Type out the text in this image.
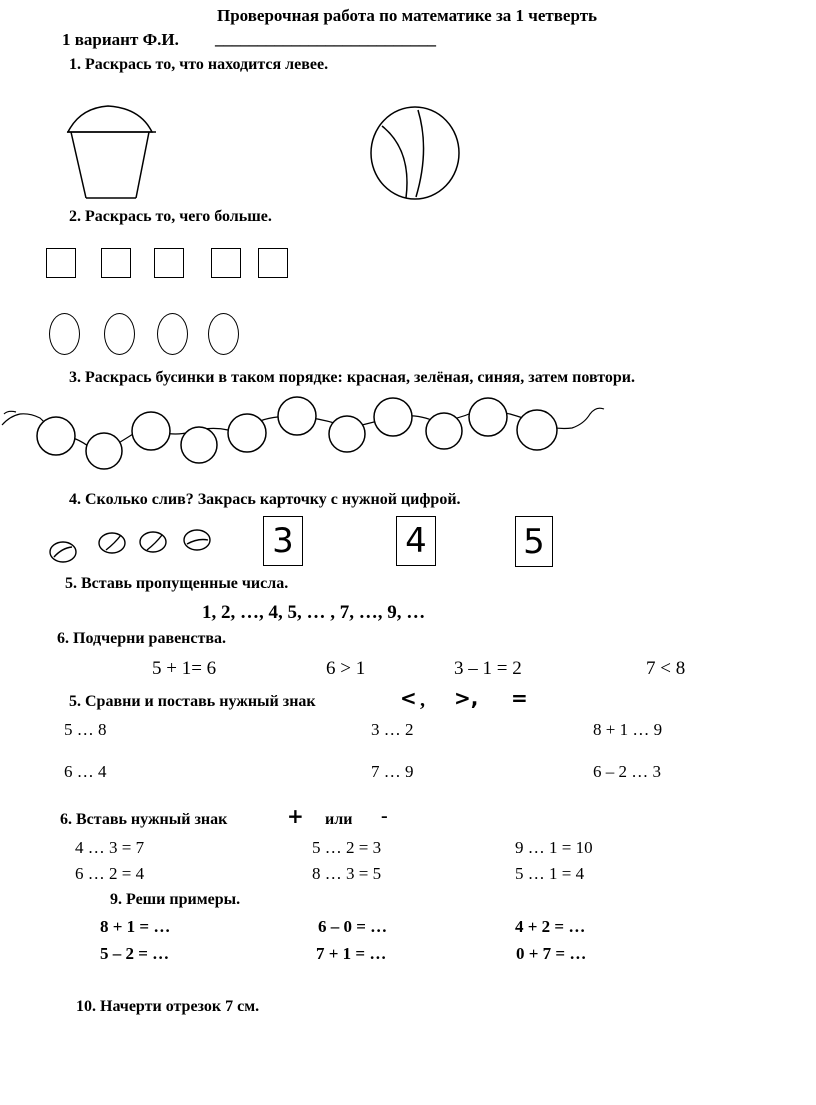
Проверочная работа по математике за 1 четверть
1 вариант Ф.И. __________________________
1. Раскрась то, что находится левее.
2. Раскрась то, чего больше.
3. Раскрась бусинки в таком порядке: красная, зелёная, синяя, затем повтори.
4. Сколько слив? Закрась карточку с нужной цифрой.
3	4	5
5. Вставь пропущенные числа.
1, 2, …, 4, 5, … , 7, …, 9, …
6. Подчерни равенства.
5 + 1= 6	6 > 1	3 – 1 = 2	7 < 8
5. Сравни и поставь нужный знак	< , >, =
5 … 8	3 … 2	8 + 1 … 9
6 … 4	7 … 9	6 – 2 … 3
6. Вставь нужный знак	+ или -
4 … 3 = 7	5 … 2 = 3	9 … 1 = 10
6 … 2 = 4	8 … 3 = 5	5 … 1 = 4
9. Реши примеры.
8 + 1 = …	6 – 0 = …	4 + 2 = …
5 – 2 = …	7 + 1 = …	0 + 7 = …
10. Начерти отрезок 7 см.
